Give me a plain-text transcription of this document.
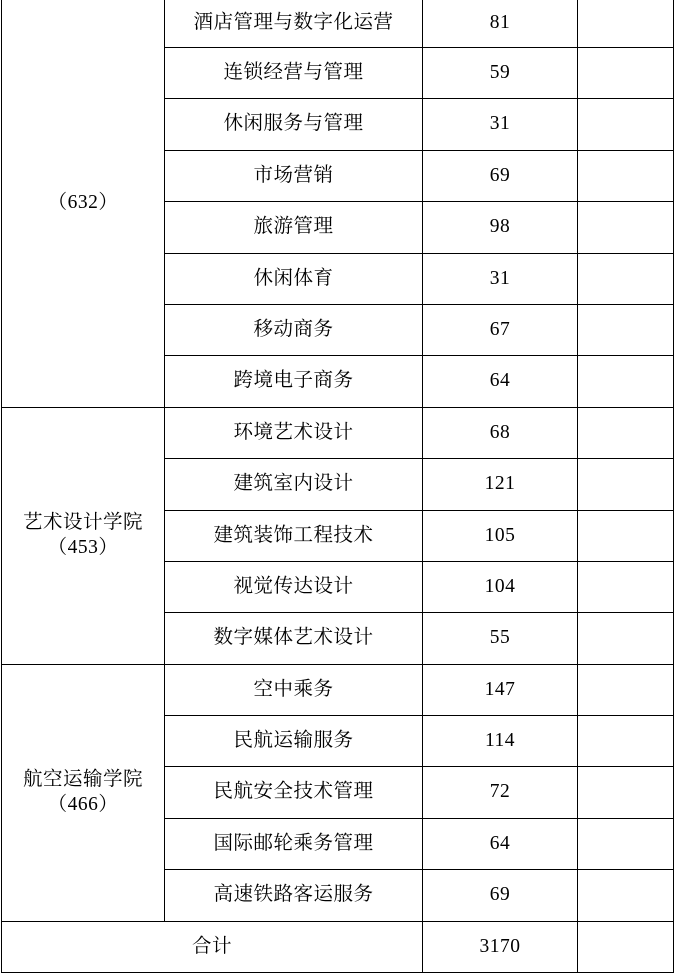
（632）	酒店管理与数字化运营	81	
	连锁经营与管理	59	
	休闲服务与管理	31	
	市场营销	69	
	旅游管理	98	
	休闲体育	31	
	移动商务	67	
	跨境电子商务	64	

艺术设计学院
（453）	环境艺术设计	68	
	建筑室内设计	121	
	建筑装饰工程技术	105	
	视觉传达设计	104	
	数字媒体艺术设计	55	

航空运输学院
（466）	空中乘务	147	
	民航运输服务	114	
	民航安全技术管理	72	
	国际邮轮乘务管理	64	
	高速铁路客运服务	69	
合计		3170	
